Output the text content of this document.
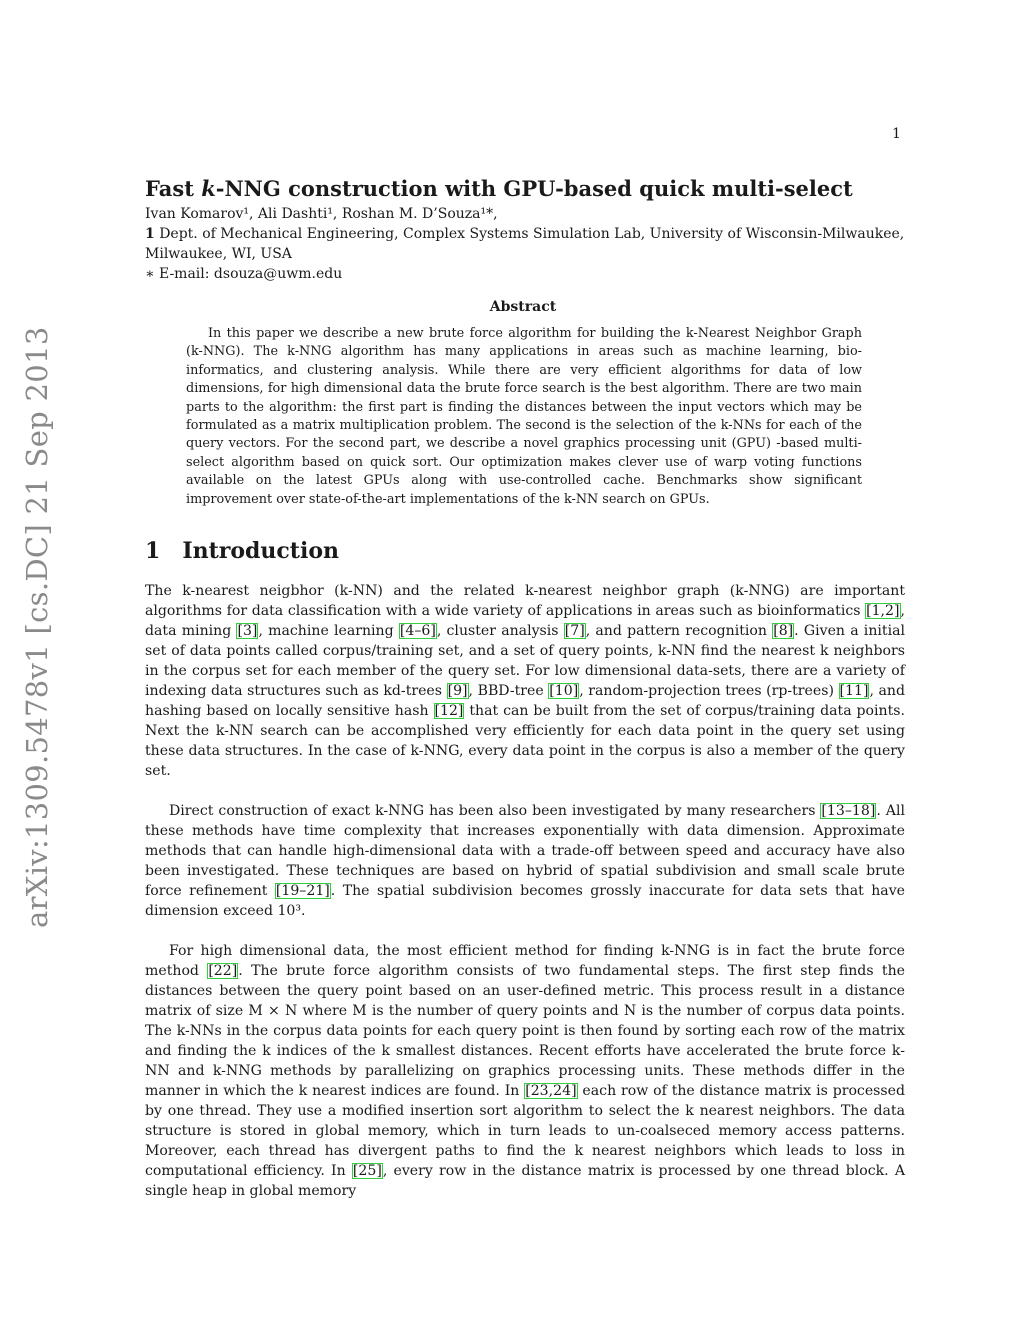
1
arXiv:1309.5478v1 [cs.DC] 21 Sep 2013
Fast k-NNG construction with GPU-based quick multi-select

Ivan Komarov¹, Ali Dashti¹, Roshan M. D’Souza¹*,

1 Dept. of Mechanical Engineering, Complex Systems Simulation Lab, University of Wisconsin-Milwaukee, Milwaukee, WI, USA

∗ E-mail: dsouza@uwm.edu

Abstract

In this paper we describe a new brute force algorithm for building the k-Nearest Neighbor Graph (k-NNG). The k-NNG algorithm has many applications in areas such as machine learning, bio-informatics, and clustering analysis. While there are very efficient algorithms for data of low dimensions, for high dimensional data the brute force search is the best algorithm. There are two main parts to the algorithm: the first part is finding the distances between the input vectors which may be formulated as a matrix multiplication problem. The second is the selection of the k-NNs for each of the query vectors. For the second part, we describe a novel graphics processing unit (GPU) -based multi-select algorithm based on quick sort. Our optimization makes clever use of warp voting functions available on the latest GPUs along with use-controlled cache. Benchmarks show significant improvement over state-of-the-art implementations of the k-NN search on GPUs.

1 Introduction

The k-nearest neigbhor (k-NN) and the related k-nearest neighbor graph (k-NNG) are important algorithms for data classification with a wide variety of applications in areas such as bioinformatics [1,2], data mining [3], machine learning [4–6], cluster analysis [7], and pattern recognition [8]. Given a initial set of data points called corpus/training set, and a set of query points, k-NN find the nearest k neighbors in the corpus set for each member of the query set. For low dimensional data-sets, there are a variety of indexing data structures such as kd-trees [9], BBD-tree [10], random-projection trees (rp-trees) [11], and hashing based on locally sensitive hash [12] that can be built from the set of corpus/training data points. Next the k-NN search can be accomplished very efficiently for each data point in the query set using these data structures. In the case of k-NNG, every data point in the corpus is also a member of the query set.

Direct construction of exact k-NNG has been also been investigated by many researchers [13–18]. All these methods have time complexity that increases exponentially with data dimension. Approximate methods that can handle high-dimensional data with a trade-off between speed and accuracy have also been investigated. These techniques are based on hybrid of spatial subdivision and small scale brute force refinement [19–21]. The spatial subdivision becomes grossly inaccurate for data sets that have dimension exceed 10³.

For high dimensional data, the most efficient method for finding k-NNG is in fact the brute force method [22]. The brute force algorithm consists of two fundamental steps. The first step finds the distances between the query point based on an user-defined metric. This process result in a distance matrix of size M × N where M is the number of query points and N is the number of corpus data points. The k-NNs in the corpus data points for each query point is then found by sorting each row of the matrix and finding the k indices of the k smallest distances. Recent efforts have accelerated the brute force k-NN and k-NNG methods by parallelizing on graphics processing units. These methods differ in the manner in which the k nearest indices are found. In [23,24] each row of the distance matrix is processed by one thread. They use a modified insertion sort algorithm to select the k nearest neighbors. The data structure is stored in global memory, which in turn leads to un-coalseced memory access patterns. Moreover, each thread has divergent paths to find the k nearest neighbors which leads to loss in computational efficiency. In [25], every row in the distance matrix is processed by one thread block. A single heap in global memory
